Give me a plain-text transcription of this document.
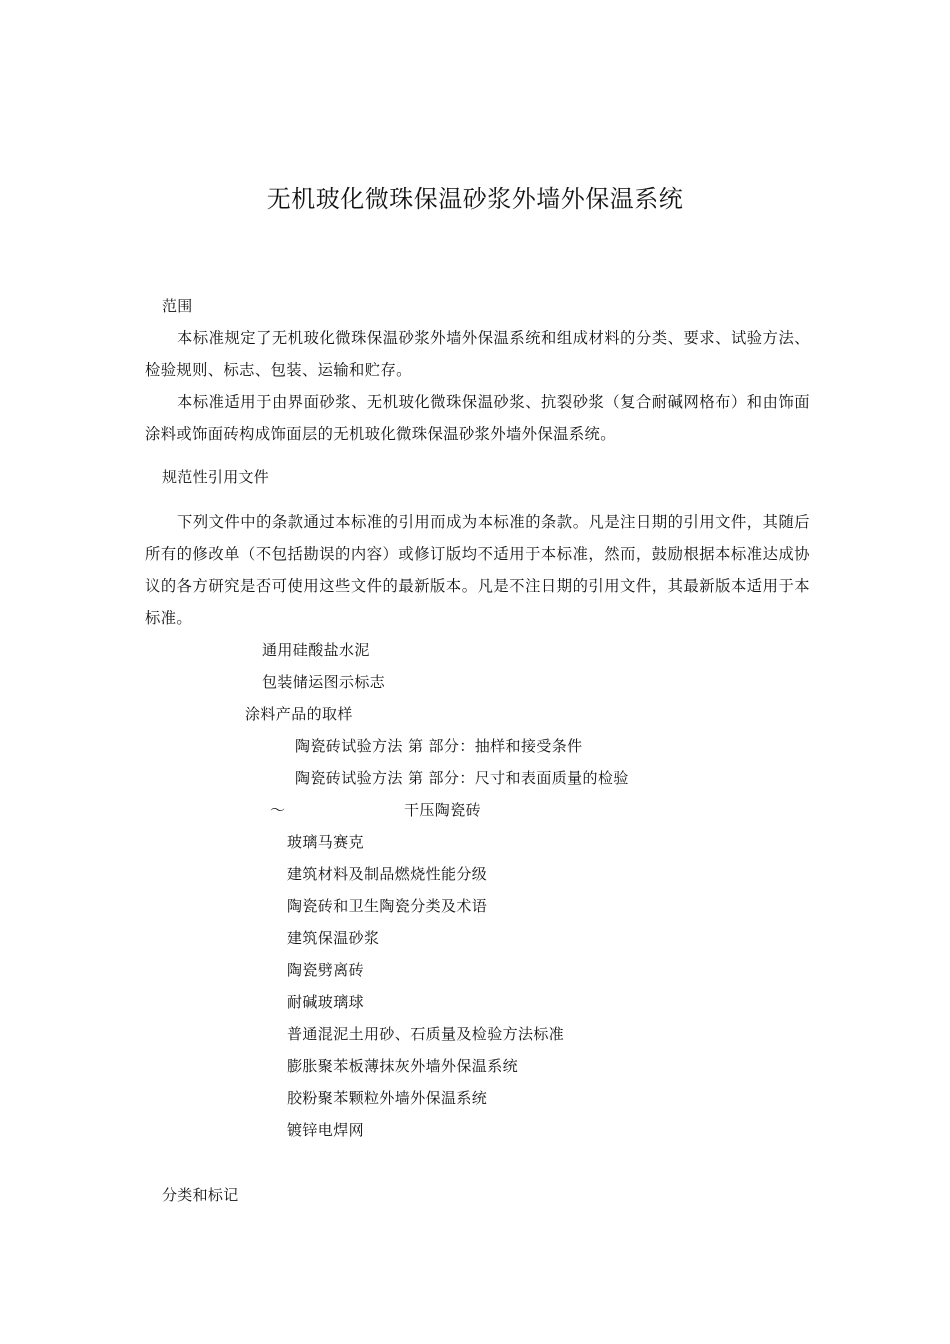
无机玻化微珠保温砂浆外墙外保温系统
范围
本标准规定了无机玻化微珠保温砂浆外墙外保温系统和组成材料的分类、要求、试验方法、检验规则、标志、包装、运输和贮存。
本标准适用于由界面砂浆、无机玻化微珠保温砂浆、抗裂砂浆（复合耐碱网格布）和由饰面涂料或饰面砖构成饰面层的无机玻化微珠保温砂浆外墙外保温系统。
规范性引用文件
下列文件中的条款通过本标准的引用而成为本标准的条款。凡是注日期的引用文件，其随后所有的修改单（不包括勘误的内容）或修订版均不适用于本标准，然而，鼓励根据本标准达成协议的各方研究是否可使用这些文件的最新版本。凡是不注日期的引用文件，其最新版本适用于本标准。
通用硅酸盐水泥
包装储运图示标志
涂料产品的取样
陶瓷砖试验方法 第 部分：抽样和接受条件
陶瓷砖试验方法 第 部分：尺寸和表面质量的检验
～	干压陶瓷砖
玻璃马赛克
建筑材料及制品燃烧性能分级
陶瓷砖和卫生陶瓷分类及术语
建筑保温砂浆
陶瓷劈离砖
耐碱玻璃球
普通混泥土用砂、石质量及检验方法标准
膨胀聚苯板薄抹灰外墙外保温系统
胶粉聚苯颗粒外墙外保温系统
镀锌电焊网
分类和标记
